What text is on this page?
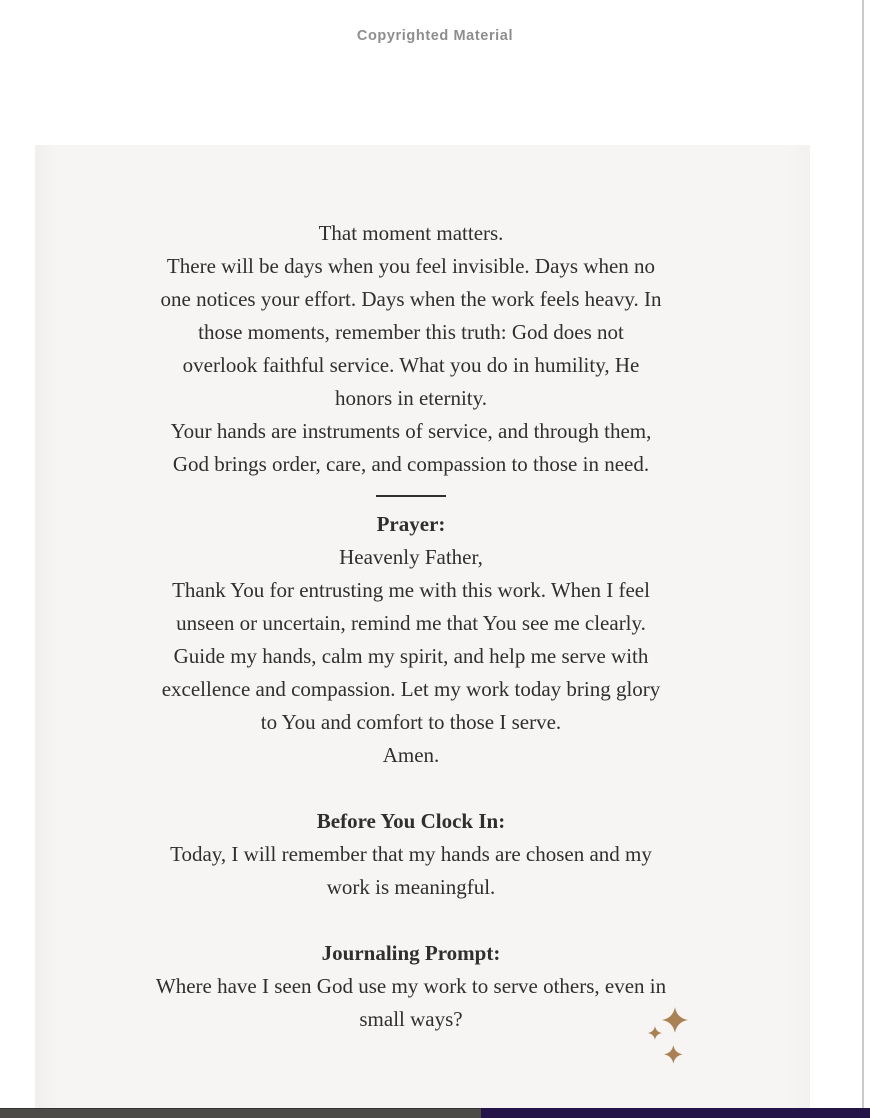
Copyrighted Material
That moment matters.
There will be days when you feel invisible. Days when no
one notices your effort. Days when the work feels heavy. In
those moments, remember this truth: God does not
overlook faithful service. What you do in humility, He
honors in eternity.
Your hands are instruments of service, and through them,
God brings order, care, and compassion to those in need.
Prayer:
Heavenly Father,
Thank You for entrusting me with this work. When I feel
unseen or uncertain, remind me that You see me clearly.
Guide my hands, calm my spirit, and help me serve with
excellence and compassion. Let my work today bring glory
to You and comfort to those I serve.
Amen.
Before You Clock In:
Today, I will remember that my hands are chosen and my
work is meaningful.
Journaling Prompt:
Where have I seen God use my work to serve others, even in
small ways?
